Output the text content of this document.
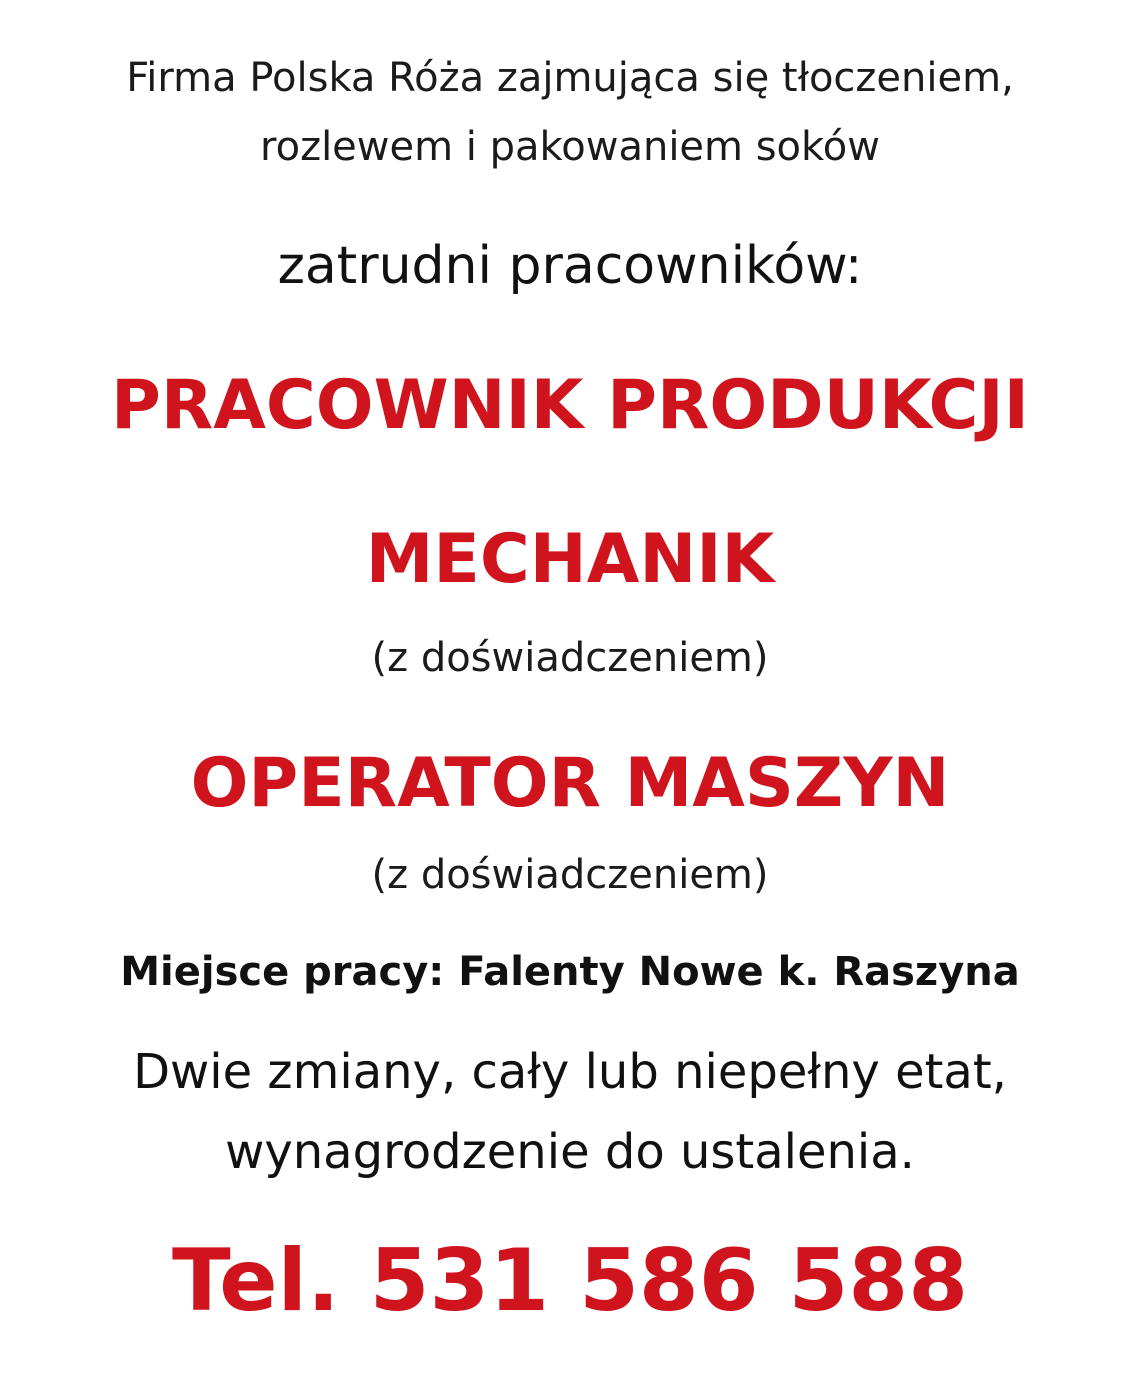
Firma Polska Róża zajmująca się tłoczeniem,

rozlewem i pakowaniem soków

zatrudni pracowników:

PRACOWNIK PRODUKCJI

MECHANIK

(z doświadczeniem)

OPERATOR MASZYN

(z doświadczeniem)

Miejsce pracy: Falenty Nowe k. Raszyna

Dwie zmiany, cały lub niepełny etat,

wynagrodzenie do ustalenia.

Tel. 531 586 588
